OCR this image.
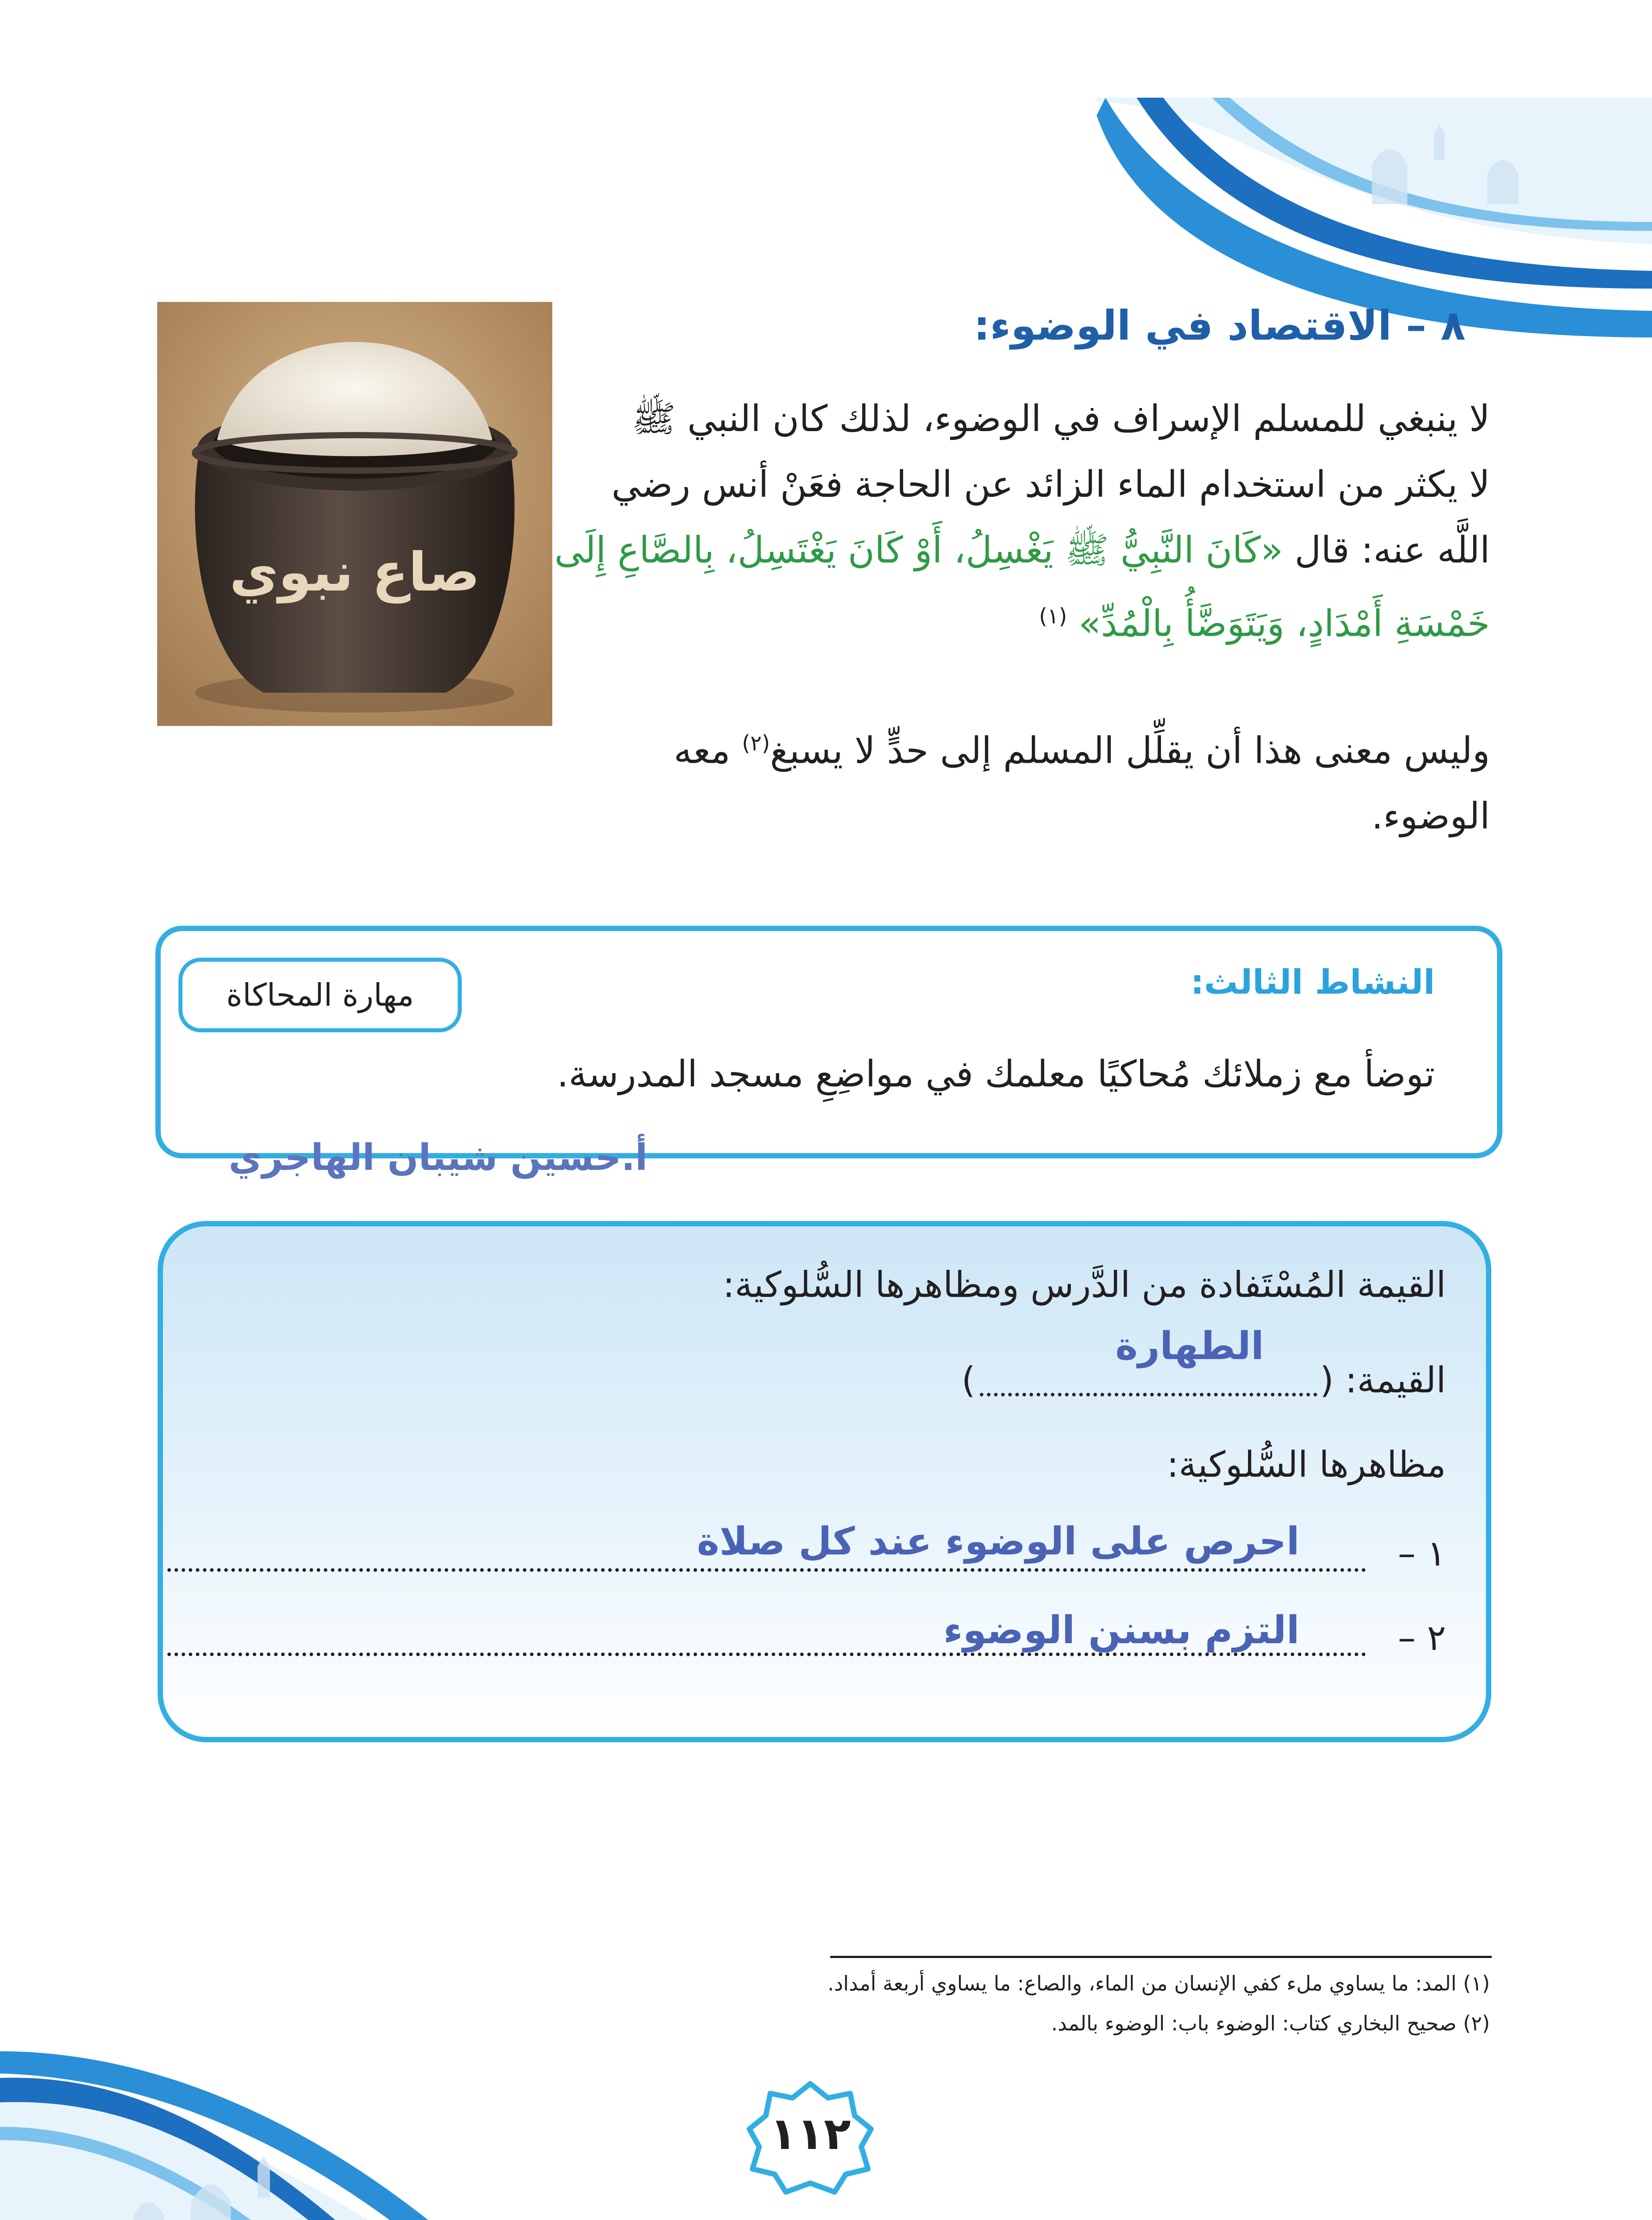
٨ – الاقتصاد في الوضوء:
لا ينبغي للمسلم الإسراف في الوضوء، لذلك كان النبي ﷺ
لا يكثر من استخدام الماء الزائد عن الحاجة فعَنْ أنس رضي
اللَّه عنه: قال «كَانَ النَّبِيُّ ﷺ يَغْسِلُ، أَوْ كَانَ يَغْتَسِلُ، بِالصَّاعِ إِلَى
خَمْسَةِ أَمْدَادٍ، وَيَتَوَضَّأُ بِالْمُدِّ» $^{(١)}$
وليس معنى هذا أن يقلِّل المسلم إلى حدٍّ لا يسبغ$^{(٢)}$ معه
الوضوء.
صاع نبوي
النشاط الثالث:
مهارة المحاكاة
توضأ مع زملائك مُحاكيًا معلمك في مواضِعِ مسجد المدرسة.
أ.حسين شيبان الهاجري
القيمة المُسْتَفادة من الدَّرس ومظاهرها السُّلوكية:
القيمة: (
الطهارة
)
مظاهرها السُّلوكية:
١ –
احرص على الوضوء عند كل صلاة
٢ –
التزم بسنن الوضوء
(١) المد: ما يساوي ملء كفي الإنسان من الماء، والصاع: ما يساوي أربعة أمداد.
(٢) صحيح البخاري كتاب: الوضوء باب: الوضوء بالمد.
١١٢
